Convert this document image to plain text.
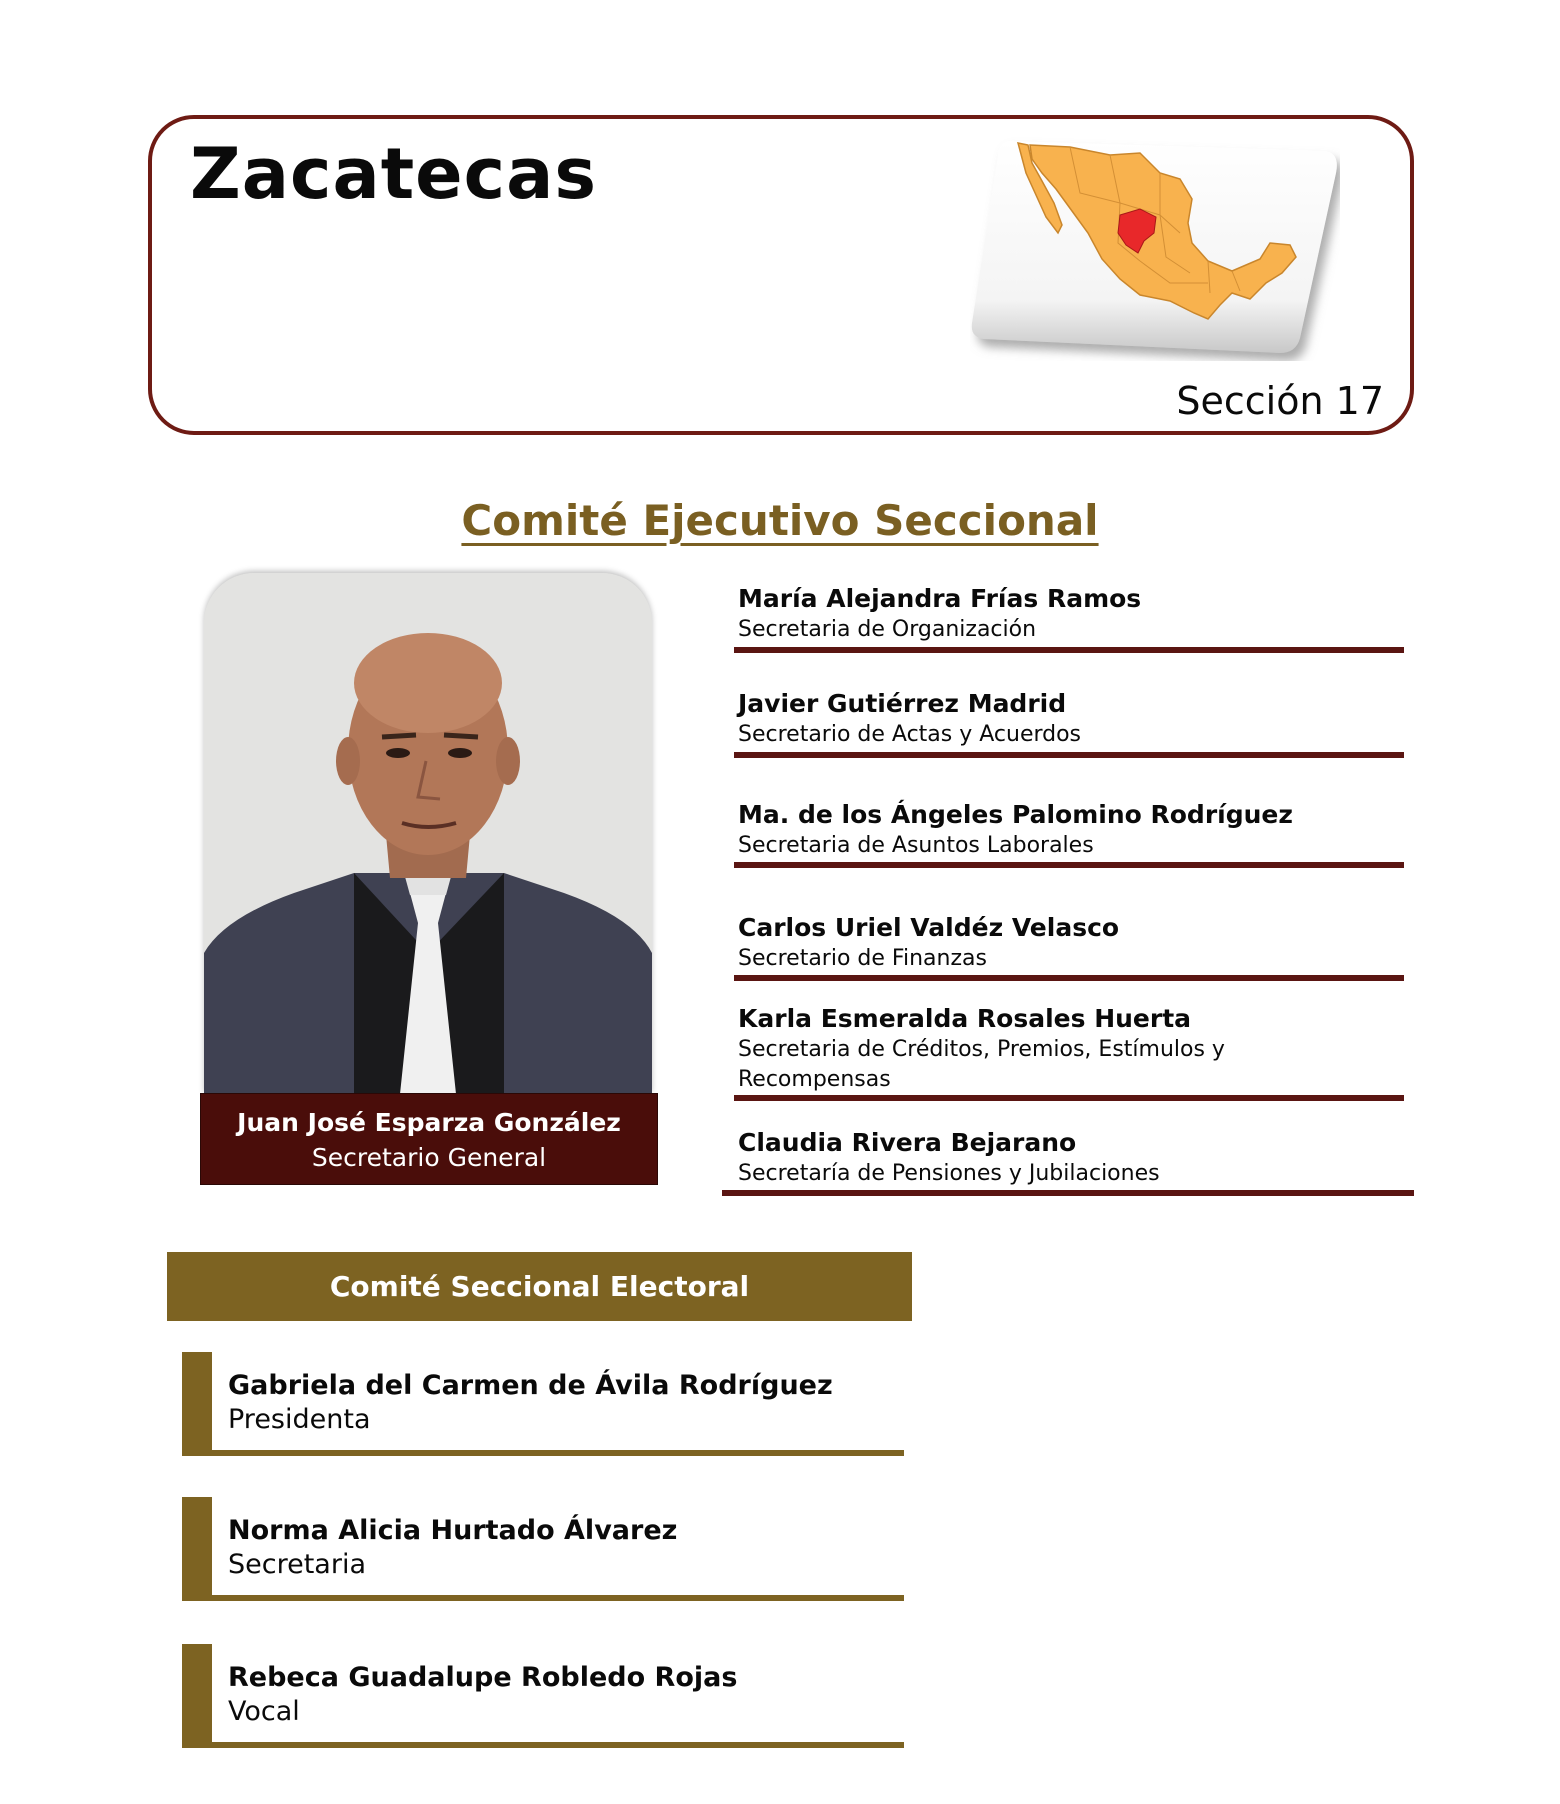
Zacatecas
Sección 17
Comité Ejecutivo Seccional
Juan José Esparza González
Secretario General
María Alejandra Frías Ramos
Secretaria de Organización
Javier Gutiérrez Madrid
Secretario de Actas y Acuerdos
Ma. de los Ángeles Palomino Rodríguez
Secretaria de Asuntos Laborales
Carlos Uriel Valdéz Velasco
Secretario de Finanzas
Karla Esmeralda Rosales Huerta
Secretaria de Créditos, Premios, Estímulos y
Recompensas
Claudia Rivera Bejarano
Secretaría de Pensiones y Jubilaciones
Comité Seccional Electoral
Gabriela del Carmen de Ávila Rodríguez
Presidenta
Norma Alicia Hurtado Álvarez
Secretaria
Rebeca Guadalupe Robledo Rojas
Vocal
